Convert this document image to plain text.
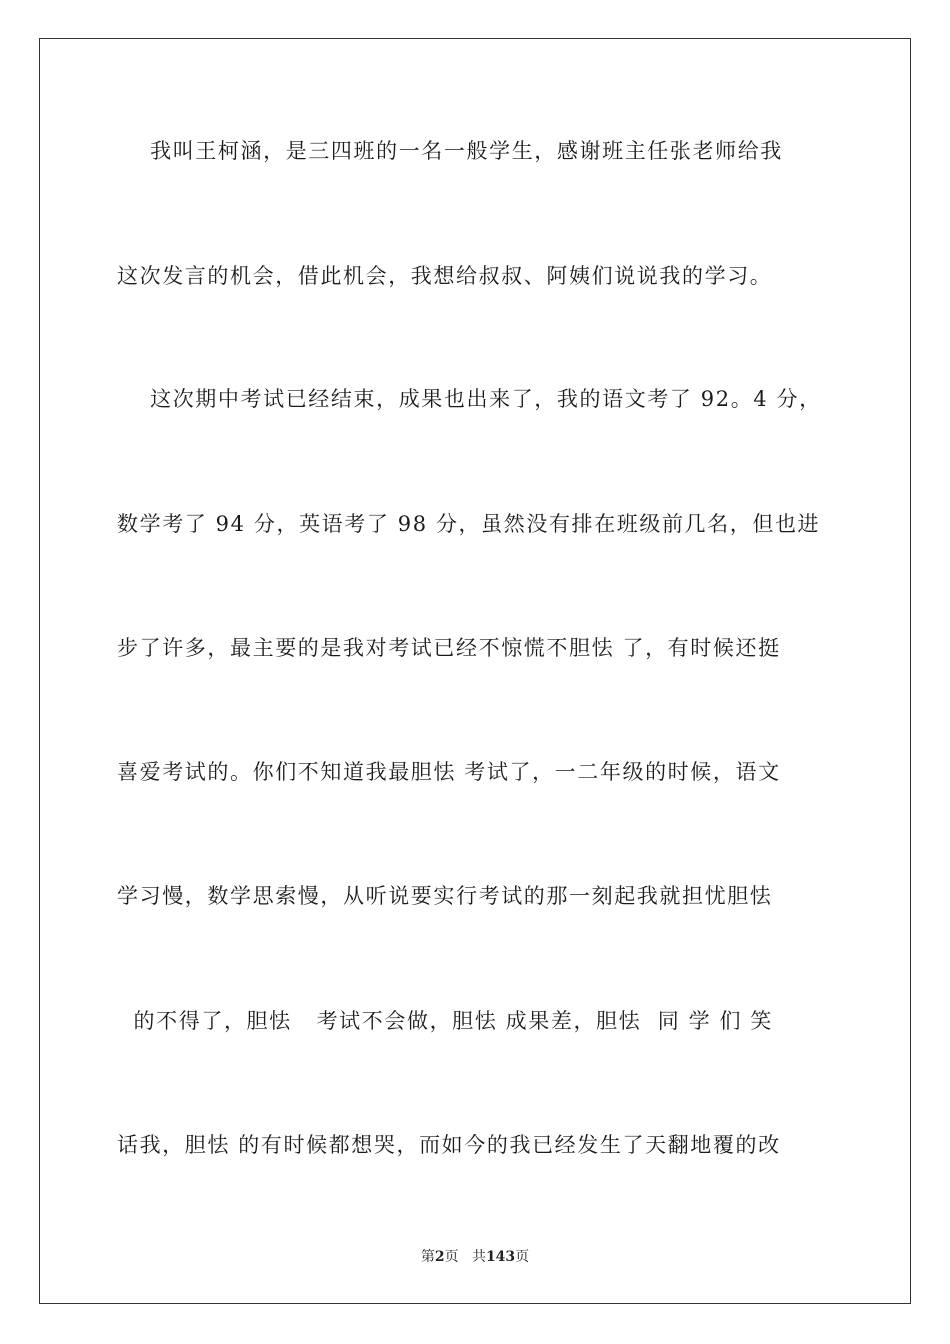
我叫王柯涵，是三四班的一名一般学生，感谢班主任张老师给我

这次发言的机会，借此机会，我想给叔叔、阿姨们说说我的学习。

这次期中考试已经结束，成果也出来了，我的语文考了 92。4 分，

数学考了 94 分，英语考了 98 分，虽然没有排在班级前几名，但也进

步了许多，最主要的是我对考试已经不惊慌不胆怯 了，有时候还挺

喜爱考试的。你们不知道我最胆怯 考试了，一二年级的时候，语文

学习慢，数学思索慢，从听说要实行考试的那一刻起我就担忧胆怯

的不得了，胆怯   考试不会做，胆怯 成果差，胆怯  同 学 们 笑

话我，胆怯 的有时候都想哭，而如今的我已经发生了天翻地覆的改

第2页 共143页
